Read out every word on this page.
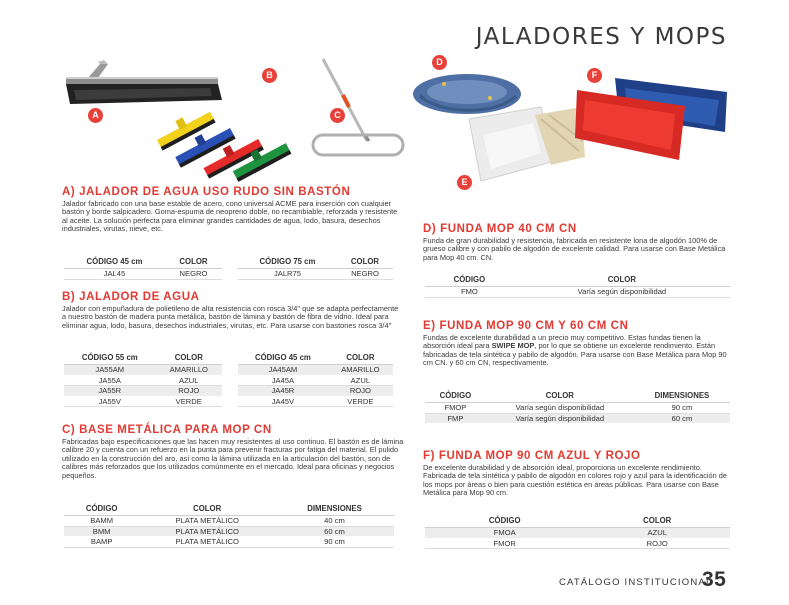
JALADORES Y MOPS
A
B
C
D
E
F
A) JALADOR DE AGUA USO RUDO SIN BASTÓN
Jalador fabricado con una base estable de acero, cono universal ACME para inserción con cualquier bastón y borde salpicadero. Goma-espuma de neopreno doble, no recambiable, reforzada y resistente al aceite. La solución perfecta para eliminar grandes cantidades de agua, lodo, basura, desechos industriales, virutas, nieve, etc.
CÓDIGO 45 cm	COLOR
JAL45	NEGRO
CÓDIGO 75 cm	COLOR
JALR75	NEGRO
B) JALADOR DE AGUA
Jalador con empuñadura de polietileno de alta resistencia con rosca 3/4" que se adapta perfectamente a nuestro bastón de madera punta metálica, bastón de lámina y bastón de fibra de vidrio. Ideal para eliminar agua, lodo, basura, desechos industriales, virutas, etc. Para usarse con bastones rosca 3/4"
CÓDIGO 55 cm	COLOR
JA55AM	AMARILLO
JA55A	AZUL
JA55R	ROJO
JA55V	VERDE
CÓDIGO 45 cm	COLOR
JA45AM	AMARILLO
JA45A	AZUL
JA45R	ROJO
JA45V	VERDE
C) BASE METÁLICA PARA MOP CN
Fabricadas bajo especificaciones que las hacen muy resistentes al uso continuo. El bastón es de lámina calibre 20 y cuenta con un refuerzo en la punta para prevenir fracturas por fatiga del material. El pulido utilizado en la construcción del aro, así como la lámina utilizada en la articulación del bastón, son de calibres más reforzados que los utilizados comúnmente en el mercado. Ideal para oficinas y negocios pequeños.
CÓDIGO	COLOR	DIMENSIONES
BAMM	PLATA METÁLICO	40 cm
BMM	PLATA METÁLICO	60 cm
BAMP	PLATA METÁLICO	90 cm
D) FUNDA MOP 40 CM CN
Funda de gran durabilidad y resistencia, fabricada en resistente lona de algodón 100% de grueso calibre y con pabilo de algodón de excelente calidad. Para usarse con Base Metálica para Mop 40 cm. CN.
CÓDIGO	COLOR
FMO	Varía según disponibilidad
E) FUNDA MOP 90 CM Y 60 CM CN
Fundas de excelente durabilidad a un precio muy competitivo. Estas fundas tienen la absorción ideal para SWIPE MOP, por lo que se obtiene un excelente rendimiento. Están fabricadas de tela sintética y pabilo de algodón. Para usarse con Base Metálica para Mop 90 cm CN. y 60 cm CN, respectivamente.
CÓDIGO	COLOR	DIMENSIONES
FMOP	Varía según disponibilidad	90 cm
FMP	Varía según disponibilidad	60 cm
F) FUNDA MOP 90 CM AZUL Y ROJO
De excelente durabilidad y de absorción ideal, proporciona un excelente rendimiento. Fabricada de tela sintética y pabilo de algodón en colores rojo y azul para la identificación de los mops por áreas o bien para cuestión estética en áreas públicas. Para usarse con Base Metálica para Mop 90 cm.
CÓDIGO	COLOR
FMOA	AZUL
FMOR	ROJO
CATÁLOGO INSTITUCIONAL
35
